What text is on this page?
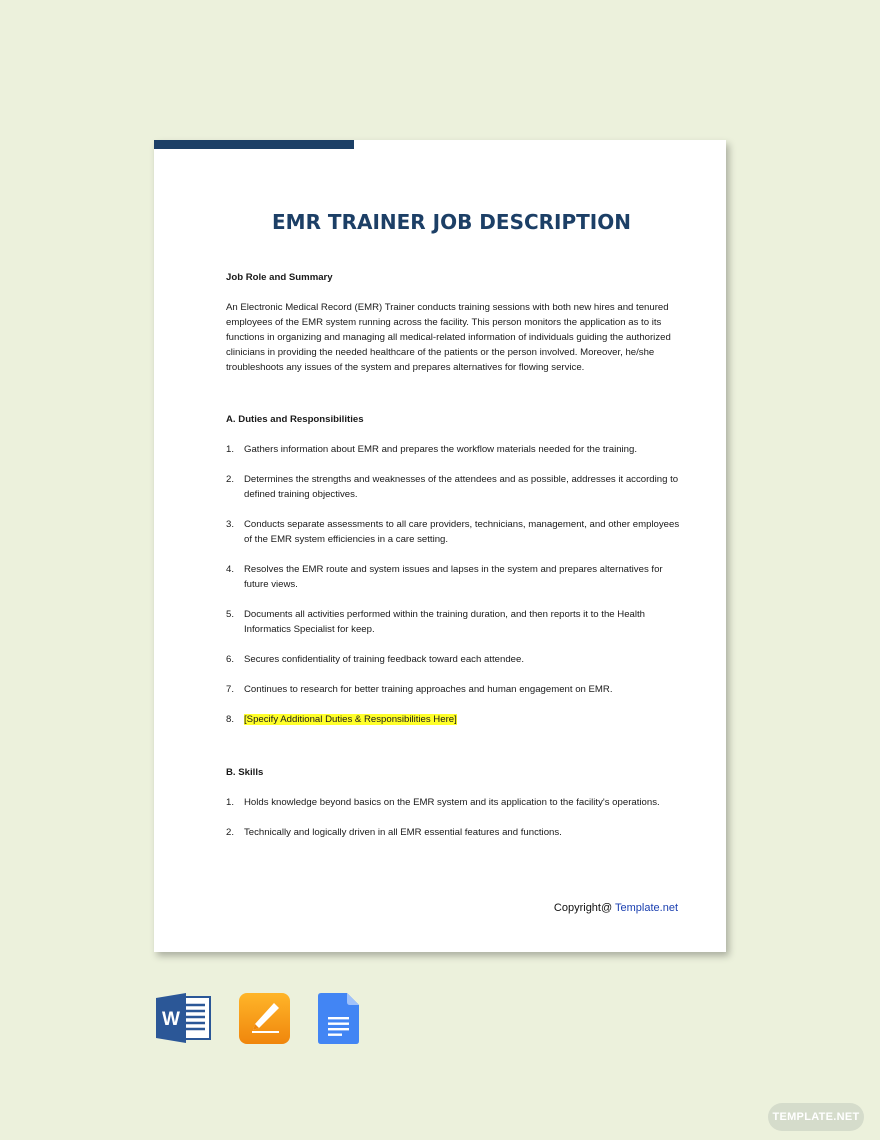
EMR TRAINER JOB DESCRIPTION

Job Role and Summary

An Electronic Medical Record (EMR) Trainer conducts training sessions with both new hires and tenured employees of the EMR system running across the facility. This person monitors the application as to its functions in organizing and managing all medical-related information of individuals guiding the authorized clinicians in providing the needed healthcare of the patients or the person involved. Moreover, he/she troubleshoots any issues of the system and prepares alternatives for flowing service.

A. Duties and Responsibilities

1. Gathers information about EMR and prepares the workflow materials needed for the training.
2. Determines the strengths and weaknesses of the attendees and as possible, addresses it according to defined training objectives.
3. Conducts separate assessments to all care providers, technicians, management, and other employees of the EMR system efficiencies in a care setting.
4. Resolves the EMR route and system issues and lapses in the system and prepares alternatives for future views.
5. Documents all activities performed within the training duration, and then reports it to the Health Informatics Specialist for keep.
6. Secures confidentiality of training feedback toward each attendee.
7. Continues to research for better training approaches and human engagement on EMR.
8. [Specify Additional Duties & Responsibilities Here]

B. Skills

1. Holds knowledge beyond basics on the EMR system and its application to the facility's operations.
2. Technically and logically driven in all EMR essential features and functions.
Copyright@ Template.net
W
TEMPLATE.NET
